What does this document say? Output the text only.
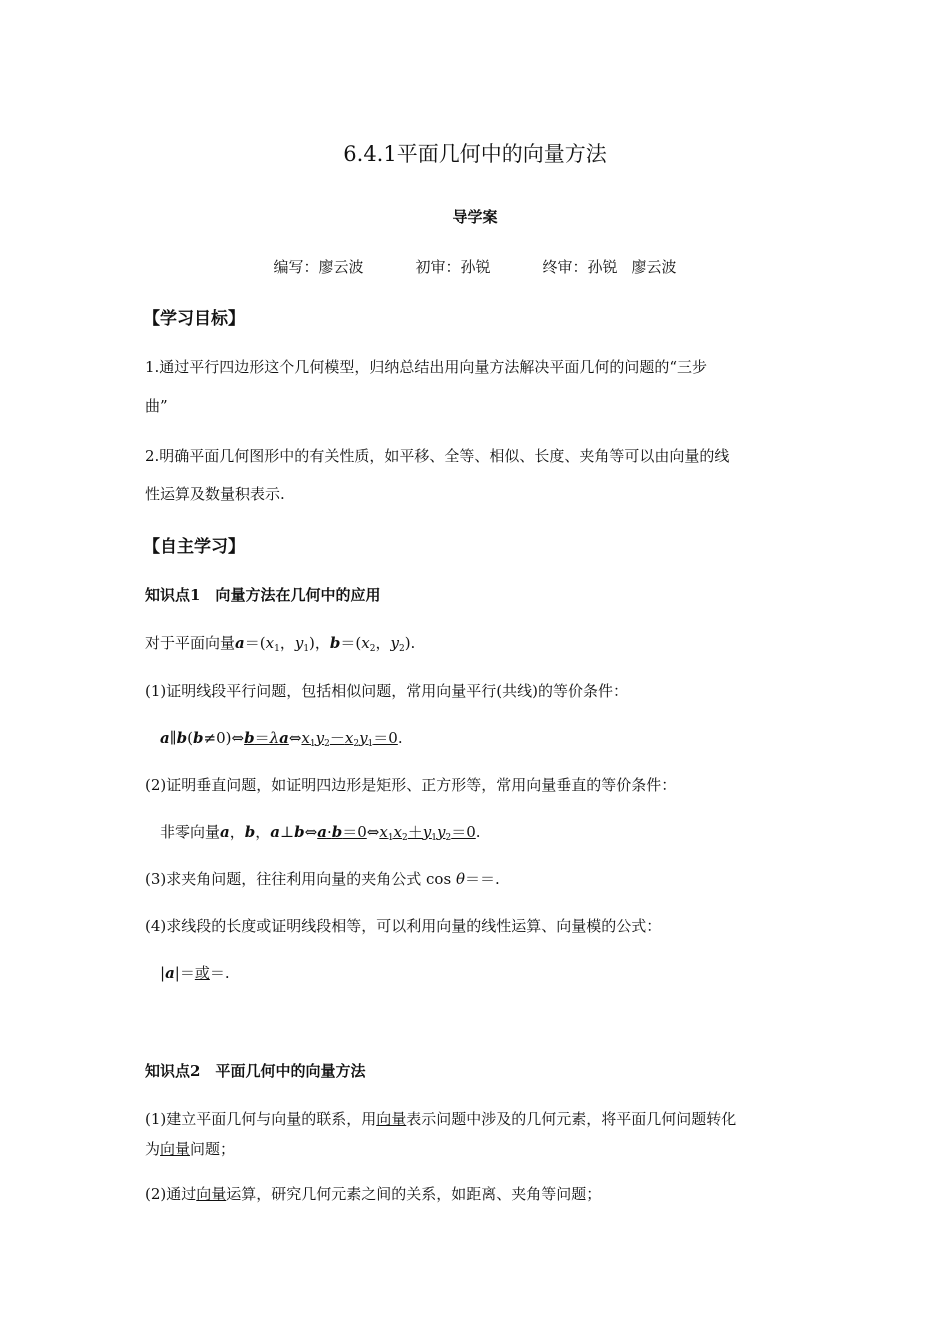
6.4.1平面几何中的向量方法
导学案
编写：廖云波	初审：孙锐	终审：孙锐 廖云波
【学习目标】
1.通过平行四边形这个几何模型，归纳总结出用向量方法解决平面几何的问题的“三步
曲”
2.明确平面几何图形中的有关性质，如平移、全等、相似、长度、夹角等可以由向量的线
性运算及数量积表示.
【自主学习】
知识点1　向量方法在几何中的应用
对于平面向量$a=(x_1$，$y_1$)，$b=(x_2$，$y_2$).
(1)证明线段平行问题，包括相似问题，常用向量平行(共线)的等价条件：
$a\parallel b(b\ne 0)\Leftrightarrow b=\lambda a\Leftrightarrow x_1y_2-x_2y_1=0$.
(2)证明垂直问题，如证明四边形是矩形、正方形等，常用向量垂直的等价条件：
非零向量a，b，$a\perp b\Leftrightarrow a\cdot b=0\Leftrightarrow x_1x_2+y_1y_2=0$.
(3)求夹角问题，往往利用向量的夹角公式 cos θ＝＝.
(4)求线段的长度或证明线段相等，可以利用向量的线性运算、向量模的公式：
|a|＝或＝.
知识点2　平面几何中的向量方法
(1)建立平面几何与向量的联系，用向量表示问题中涉及的几何元素，将平面几何问题转化
为向量问题；
(2)通过向量运算，研究几何元素之间的关系，如距离、夹角等问题；
